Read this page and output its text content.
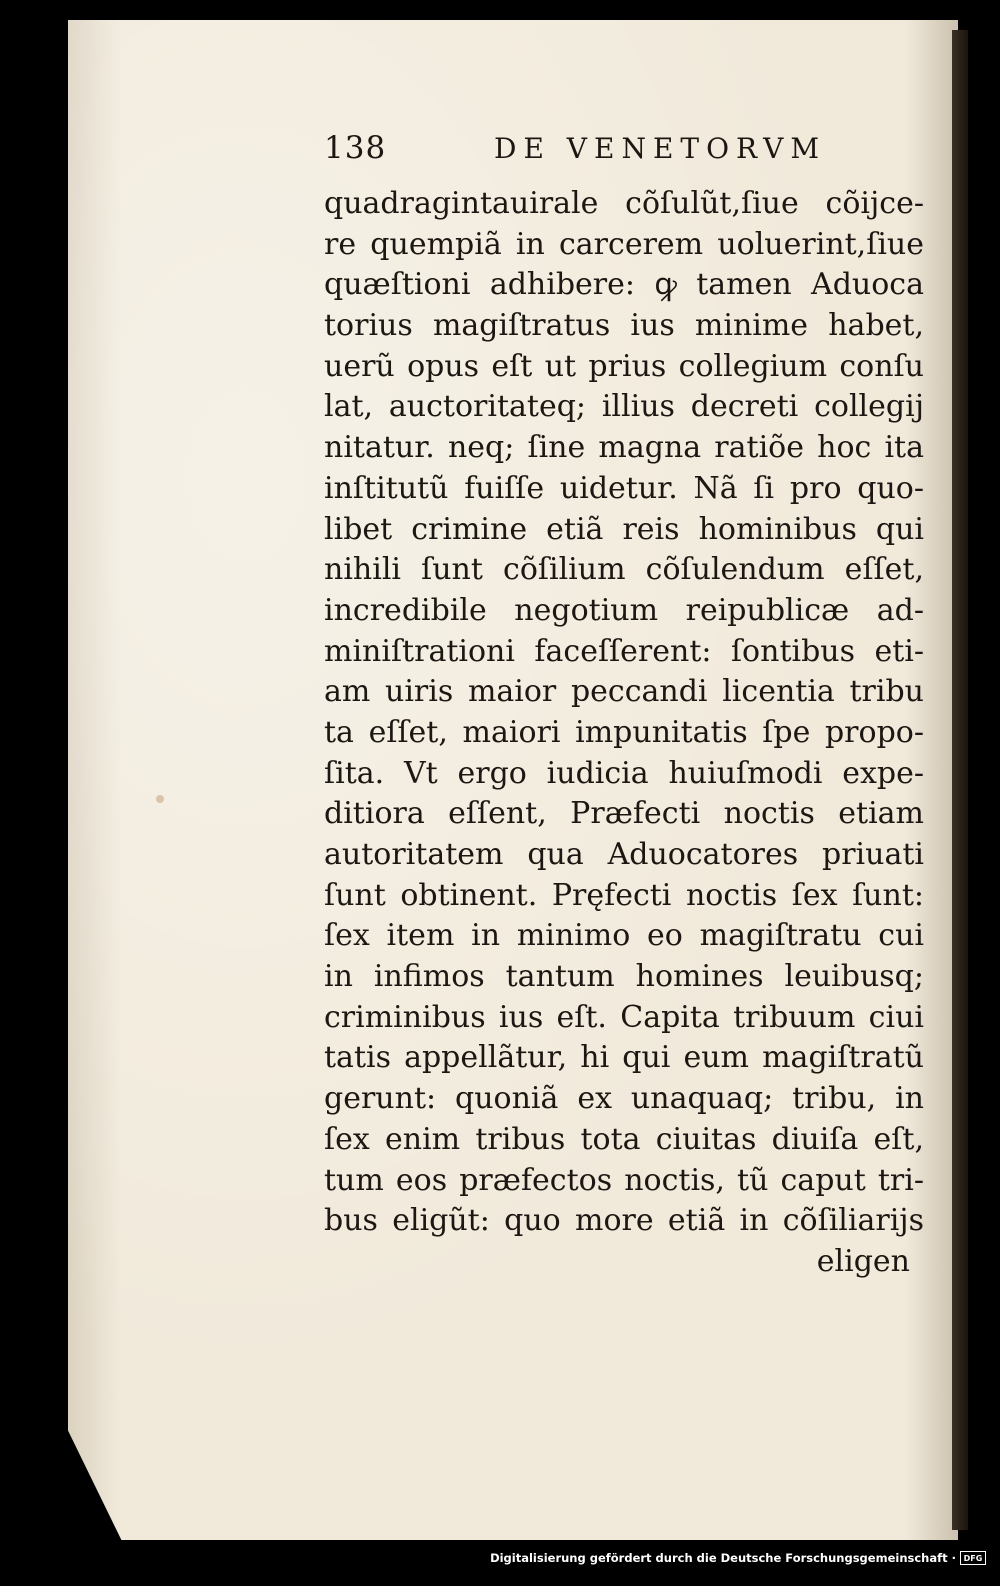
138	DE VENETORVM
quadragintauirale cõſulũt,ſiue cõijce-
re quempiã in carcerem uoluerint,ſiue
quæſtioni adhibere: ꝙ tamen Aduoca
torius magiſtratus ius minime habet,
uerũ opus eſt ut prius collegium conſu
lat, auctoritateq; illius decreti collegij
nitatur. neq; ſine magna ratiõe hoc ita
inſtitutũ fuiſſe uidetur. Nã ſi pro quo-
libet crimine etiã reis hominibus qui
nihili ſunt cõſilium cõſulendum eſſet,
incredibile negotium reipublicæ ad-
miniſtrationi faceſſerent: ſontibus eti-
am uiris maior peccandi licentia tribu
ta eſſet, maiori impunitatis ſpe propo-
ſita. Vt ergo iudicia huiuſmodi expe-
ditiora eſſent, Præfecti noctis etiam
autoritatem qua Aduocatores priuati
ſunt obtinent. Pręfecti noctis ſex ſunt:
ſex item in minimo eo magiſtratu cui
in infimos tantum homines leuibusq;
criminibus ius eſt. Capita tribuum ciui
tatis appellãtur, hi qui eum magiſtratũ
gerunt: quoniã ex unaquaq; tribu, in
ſex enim tribus tota ciuitas diuiſa eſt,
tum eos præfectos noctis, tũ caput tri-
bus eligũt: quo more etiã in cõſiliarijs
eligen
Digitalisierung gefördert durch die Deutsche Forschungsgemeinschaft · DFG
